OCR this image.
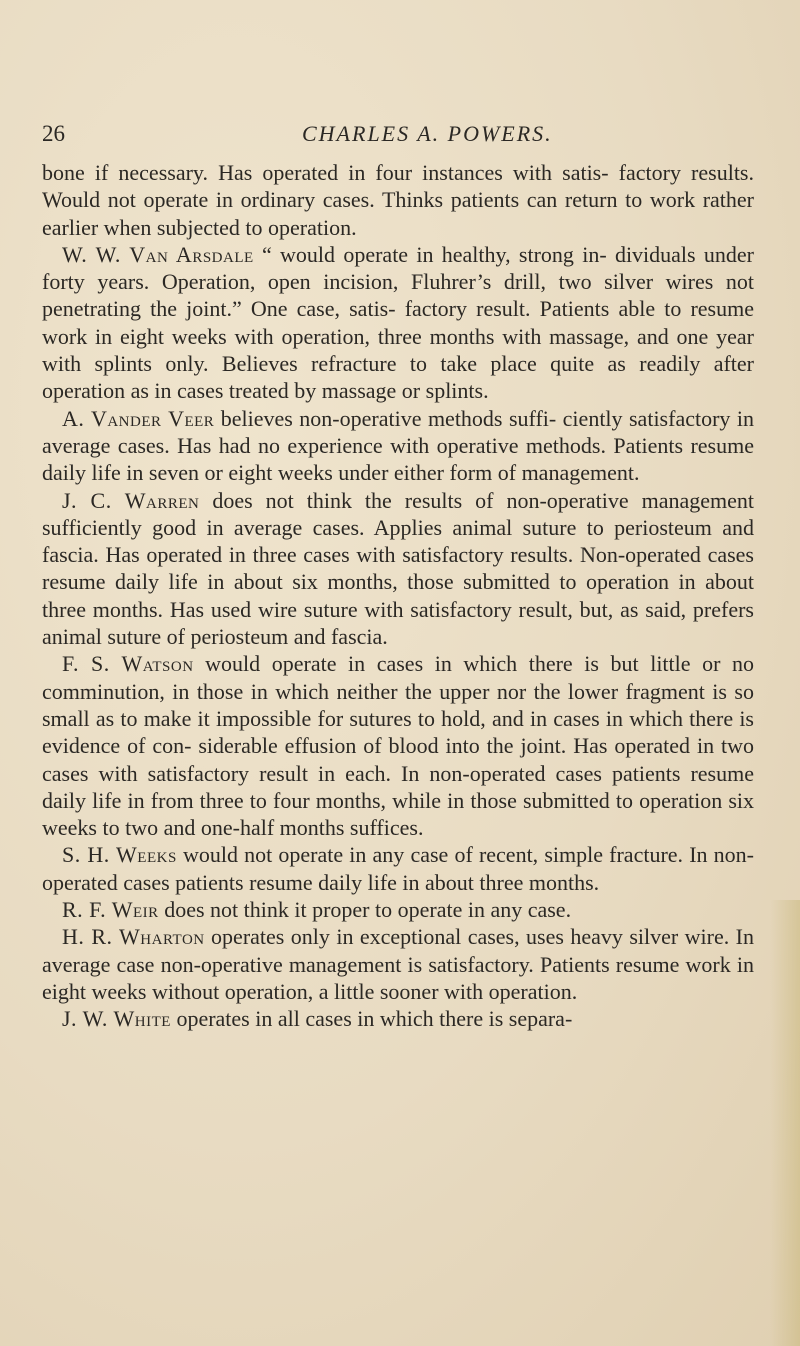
26	CHARLES A. POWERS.

bone if necessary. Has operated in four instances with satis- factory results. Would not operate in ordinary cases. Thinks patients can return to work rather earlier when subjected to operation.

W. W. Van Arsdale “ would operate in healthy, strong in- dividuals under forty years. Operation, open incision, Fluhrer’s drill, two silver wires not penetrating the joint.” One case, satis- factory result. Patients able to resume work in eight weeks with operation, three months with massage, and one year with splints only. Believes refracture to take place quite as readily after operation as in cases treated by massage or splints.

A. Vander Veer believes non-operative methods suffi- ciently satisfactory in average cases. Has had no experience with operative methods. Patients resume daily life in seven or eight weeks under either form of management.

J. C. Warren does not think the results of non-operative management sufficiently good in average cases. Applies animal suture to periosteum and fascia. Has operated in three cases with satisfactory results. Non-operated cases resume daily life in about six months, those submitted to operation in about three months. Has used wire suture with satisfactory result, but, as said, prefers animal suture of periosteum and fascia.

F. S. Watson would operate in cases in which there is but little or no comminution, in those in which neither the upper nor the lower fragment is so small as to make it impossible for sutures to hold, and in cases in which there is evidence of con- siderable effusion of blood into the joint. Has operated in two cases with satisfactory result in each. In non-operated cases patients resume daily life in from three to four months, while in those submitted to operation six weeks to two and one-half months suffices.

S. H. Weeks would not operate in any case of recent, simple fracture. In non-operated cases patients resume daily life in about three months.

R. F. Weir does not think it proper to operate in any case.

H. R. Wharton operates only in exceptional cases, uses heavy silver wire. In average case non-operative management is satisfactory. Patients resume work in eight weeks without operation, a little sooner with operation.

J. W. White operates in all cases in which there is separa-
